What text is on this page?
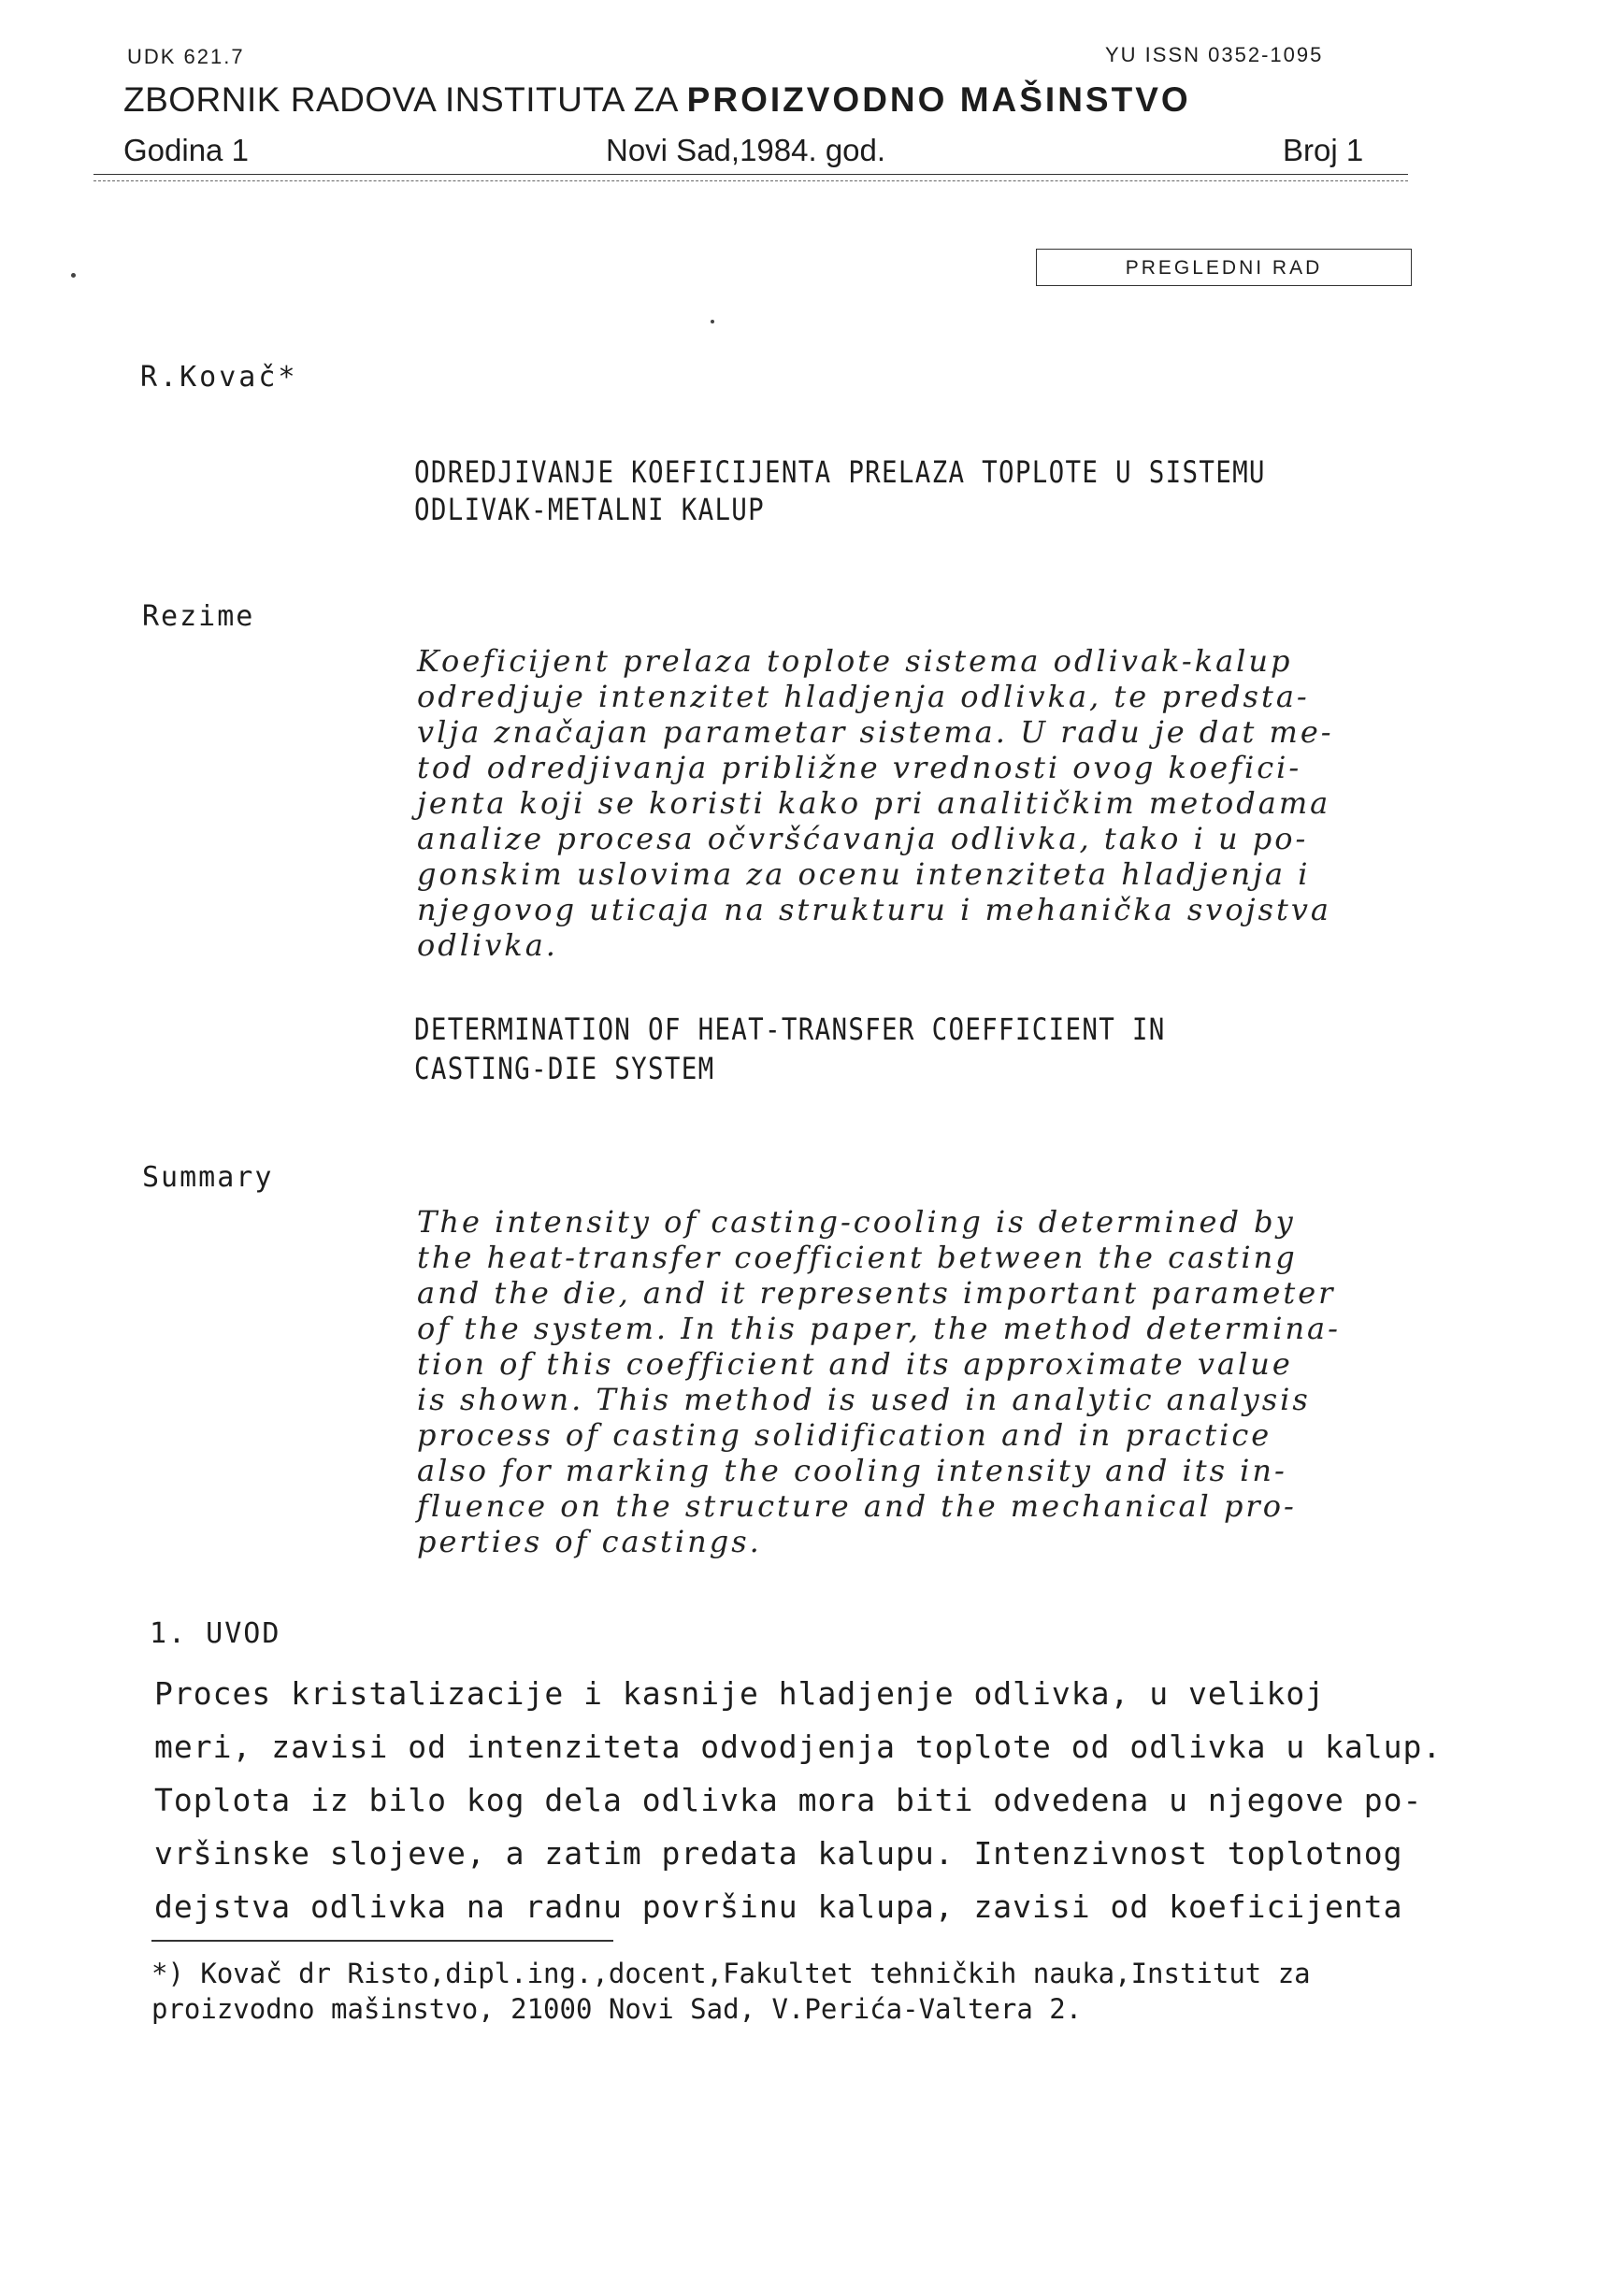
UDK 621.7	YU ISSN 0352-1095
ZBORNIK RADOVA INSTITUTA ZA PROIZVODNO MAŠINSTVO
Godina 1	Novi Sad,1984. god.	Broj 1
PREGLEDNI RAD
R.Kovač*
ODREDJIVANJE KOEFICIJENTA PRELAZA TOPLOTE U SISTEMU
ODLIVAK-METALNI KALUP
Rezime
Koeficijent prelaza toplote sistema odlivak-kalup
odredjuje intenzitet hladjenja odlivka, te predsta-
vlja značajan parametar sistema. U radu je dat me-
tod odredjivanja približne vrednosti ovog koefici-
jenta koji se koristi kako pri analitičkim metodama
analize procesa očvršćavanja odlivka, tako i u po-
gonskim uslovima za ocenu intenziteta hladjenja i
njegovog uticaja na strukturu i mehanička svojstva
odlivka.
DETERMINATION OF HEAT-TRANSFER COEFFICIENT IN
CASTING-DIE SYSTEM
Summary
The intensity of casting-cooling is determined by
the heat-transfer coefficient between the casting
and the die, and it represents important parameter
of the system. In this paper, the method determina-
tion of this coefficient and its approximate value
is shown. This method is used in analytic analysis
process of casting solidification and in practice
also for marking the cooling intensity and its in-
fluence on the structure and the mechanical pro-
perties of castings.
1. UVOD
Proces kristalizacije i kasnije hladjenje odlivka, u velikoj
meri, zavisi od intenziteta odvodjenja toplote od odlivka u kalup.
Toplota iz bilo kog dela odlivka mora biti odvedena u njegove po-
vršinske slojeve, a zatim predata kalupu. Intenzivnost toplotnog
dejstva odlivka na radnu površinu kalupa, zavisi od koeficijenta
*) Kovač dr Risto,dipl.ing.,docent,Fakultet tehničkih nauka,Institut za
proizvodno mašinstvo, 21000 Novi Sad, V.Perića-Valtera 2.
